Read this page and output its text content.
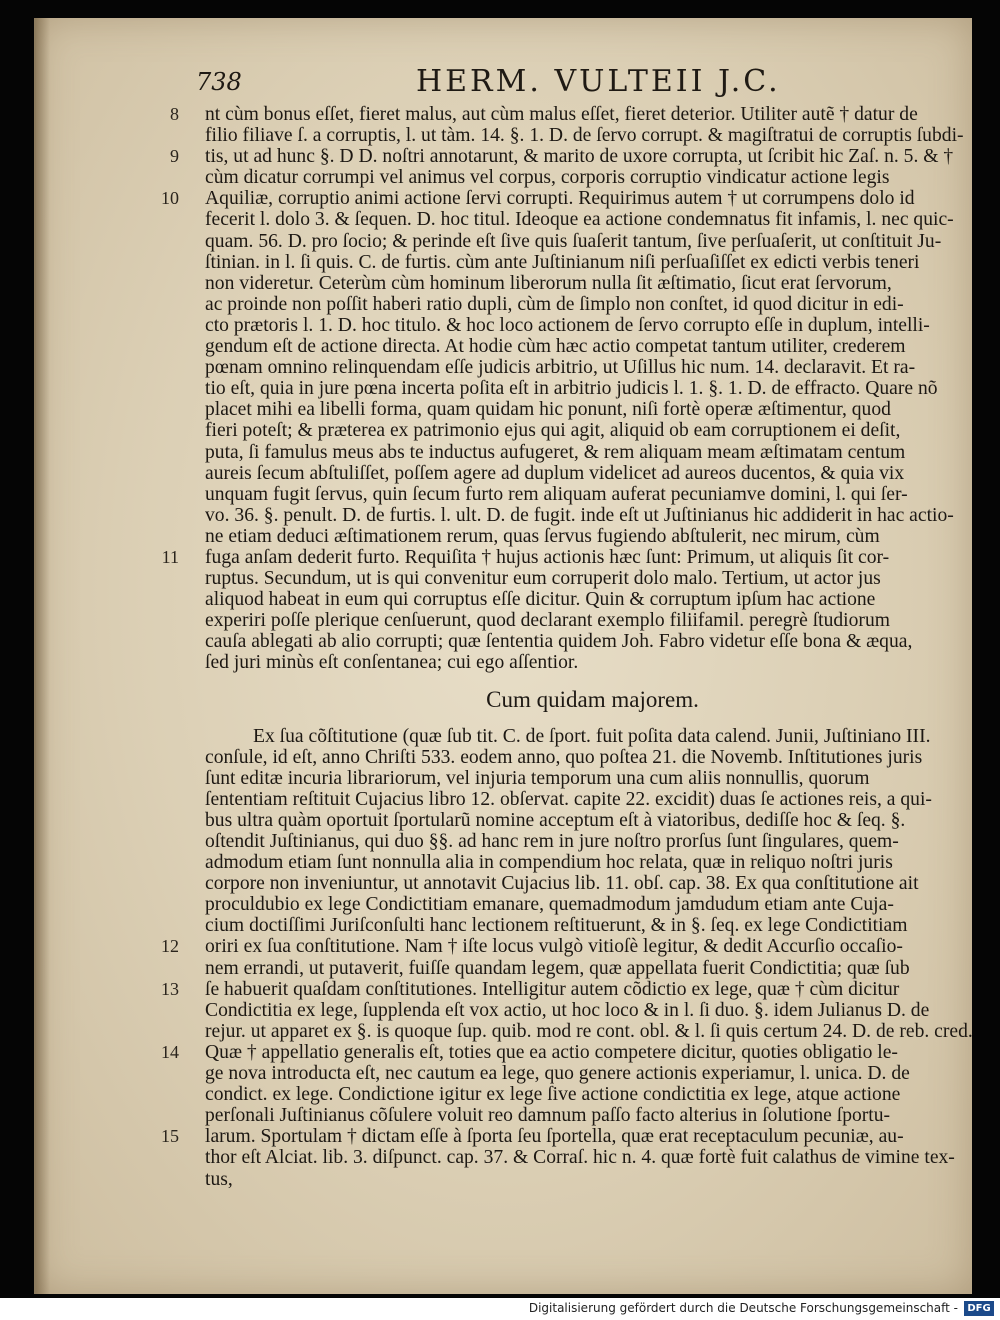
738	HERM. VULTEII J.C.
8 nt cùm bonus eſſet, fieret malus, aut cùm malus eſſet, fieret deterior. Utiliter autẽ † datur de
filio filiave ſ. a corruptis, l. ut tàm. 14. §. 1. D. de ſervo corrupt. & magiſtratui de corruptis ſubdi-
9 tis, ut ad hunc §. D D. noſtri annotarunt, & marito de uxore corrupta, ut ſcribit hic Zaſ. n. 5. & †
cùm dicatur corrumpi vel animus vel corpus, corporis corruptio vindicatur actione legis
10 Aquiliæ, corruptio animi actione ſervi corrupti. Requirimus autem † ut corrumpens dolo id
fecerit l. dolo 3. & ſequen. D. hoc titul. Ideoque ea actione condemnatus fit infamis, l. nec quic-
quam. 56. D. pro ſocio; & perinde eſt ſive quis ſuaſerit tantum, ſive perſuaſerit, ut conſtituit Ju-
ſtinian. in l. ſi quis. C. de furtis. cùm ante Juſtinianum niſi perſuaſiſſet ex edicti verbis teneri
non videretur. Ceterùm cùm hominum liberorum nulla ſit æſtimatio, ſicut erat ſervorum,
ac proinde non poſſit haberi ratio dupli, cùm de ſimplo non conſtet, id quod dicitur in edi-
cto prætoris l. 1. D. hoc titulo. & hoc loco actionem de ſervo corrupto eſſe in duplum, intelli-
gendum eſt de actione directa. At hodie cùm hæc actio competat tantum utiliter, crederem
pœnam omnino relinquendam eſſe judicis arbitrio, ut Uſillus hic num. 14. declaravit. Et ra-
tio eſt, quia in jure pœna incerta poſita eſt in arbitrio judicis l. 1. §. 1. D. de effracto. Quare nõ
placet mihi ea libelli forma, quam quidam hic ponunt, niſi fortè operæ æſtimentur, quod
fieri poteſt; & præterea ex patrimonio ejus qui agit, aliquid ob eam corruptionem ei deſit,
puta, ſi famulus meus abs te inductus aufugeret, & rem aliquam meam æſtimatam centum
aureis ſecum abſtuliſſet, poſſem agere ad duplum videlicet ad aureos ducentos, & quia vix
unquam fugit ſervus, quin ſecum furto rem aliquam auferat pecuniamve domini, l. qui ſer-
vo. 36. §. penult. D. de furtis. l. ult. D. de fugit. inde eſt ut Juſtinianus hic addiderit in hac actio-
ne etiam deduci æſtimationem rerum, quas ſervus fugiendo abſtulerit, nec mirum, cùm
11 fuga anſam dederit furto. Requiſita † hujus actionis hæc ſunt: Primum, ut aliquis ſit cor-
ruptus. Secundum, ut is qui convenitur eum corruperit dolo malo. Tertium, ut actor jus
aliquod habeat in eum qui corruptus eſſe dicitur. Quin & corruptum ipſum hac actione
experiri poſſe plerique cenſuerunt, quod declarant exemplo filiifamil. peregrè ſtudiorum
cauſa ablegati ab alio corrupti; quæ ſententia quidem Joh. Fabro videtur eſſe bona & æqua,
ſed juri minùs eſt conſentanea; cui ego aſſentior.
Cum quidam majorem.
Ex ſua cõſtitutione (quæ ſub tit. C. de ſport. fuit poſita data calend. Junii, Juſtiniano III.
conſule, id eſt, anno Chriſti 533. eodem anno, quo poſtea 21. die Novemb. Inſtitutiones juris
ſunt editæ incuria librariorum, vel injuria temporum una cum aliis nonnullis, quorum
ſententiam reſtituit Cujacius libro 12. obſervat. capite 22. excidit) duas ſe actiones reis, a qui-
bus ultra quàm oportuit ſportularũ nomine acceptum eſt à viatoribus, dediſſe hoc & ſeq. §.
oſtendit Juſtinianus, qui duo §§. ad hanc rem in jure noſtro prorſus ſunt ſingulares, quem-
admodum etiam ſunt nonnulla alia in compendium hoc relata, quæ in reliquo noſtri juris
corpore non inveniuntur, ut annotavit Cujacius lib. 11. obſ. cap. 38. Ex qua conſtitutione ait
proculdubio ex lege Condictitiam emanare, quemadmodum jamdudum etiam ante Cuja-
cium doctiſſimi Juriſconſulti hanc lectionem reſtituerunt, & in §. ſeq. ex lege Condictitiam
12 oriri ex ſua conſtitutione. Nam † iſte locus vulgò vitioſè legitur, & dedit Accurſio occaſio-
nem errandi, ut putaverit, fuiſſe quandam legem, quæ appellata fuerit Condictitia; quæ ſub
13 ſe habuerit quaſdam conſtitutiones. Intelligitur autem cõdictio ex lege, quæ † cùm dicitur
Condictitia ex lege, ſupplenda eſt vox actio, ut hoc loco & in l. ſi duo. §. idem Julianus D. de
rejur. ut apparet ex §. is quoque ſup. quib. mod re cont. obl. & l. ſi quis certum 24. D. de reb. cred.
14 Quæ † appellatio generalis eſt, toties que ea actio competere dicitur, quoties obligatio le-
ge nova introducta eſt, nec cautum ea lege, quo genere actionis experiamur, l. unica. D. de
condict. ex lege. Condictione igitur ex lege ſive actione condictitia ex lege, atque actione
perſonali Juſtinianus cõſulere voluit reo damnum paſſo facto alterius in ſolutione ſportu-
15 larum. Sportulam † dictam eſſe à ſporta ſeu ſportella, quæ erat receptaculum pecuniæ, au-
thor eſt Alciat. lib. 3. diſpunct. cap. 37. & Corraſ. hic n. 4. quæ fortè fuit calathus de vimine tex-
tus,
Digitalisierung gefördert durch die Deutsche Forschungsgemeinschaft - DFG
